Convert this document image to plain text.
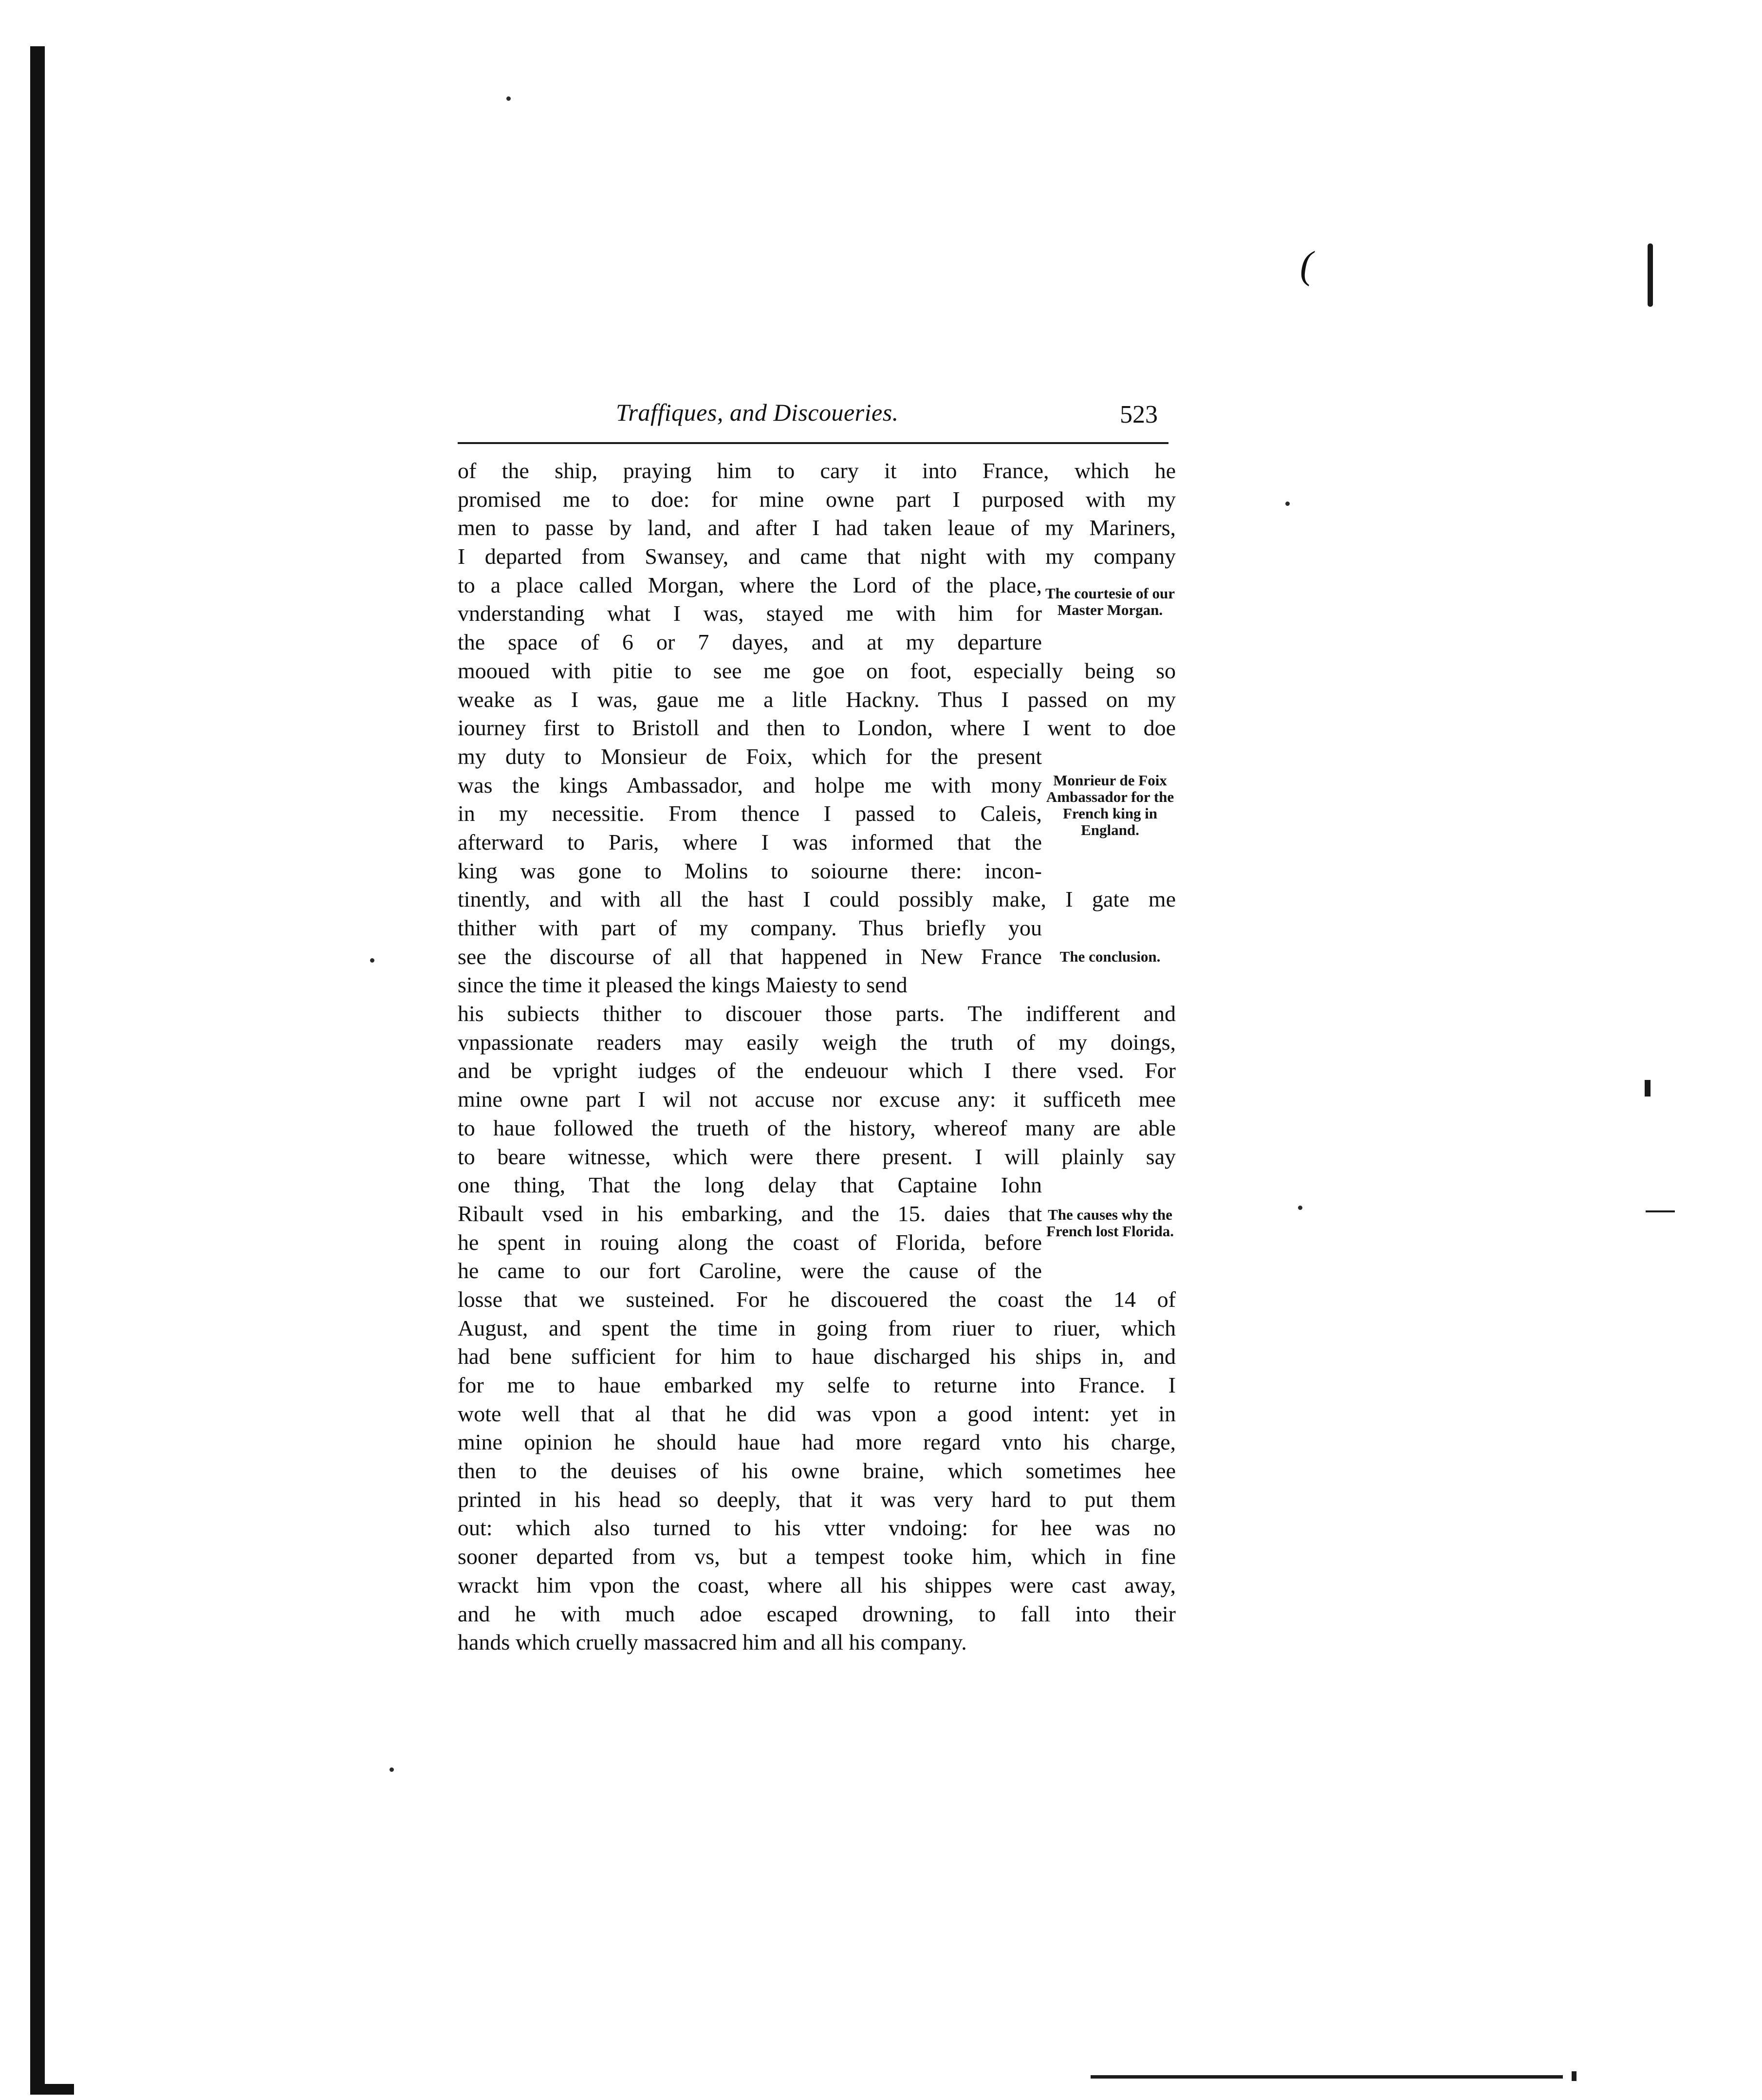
(
Traffiques, and Discoueries.	523
of the ship, praying him to cary it into France, which he
promised me to doe: for mine owne part I purposed with my
men to passe by land, and after I had taken leaue of my Mariners,
I departed from Swansey, and came that night with my company
to a place called Morgan, where the Lord of the place,
vnderstanding what I was, stayed me with him for
the space of 6 or 7 dayes, and at my departure
mooued with pitie to see me goe on foot, especially being so
weake as I was, gaue me a litle Hackny. Thus I passed on my
iourney first to Bristoll and then to London, where I went to doe
my duty to Monsieur de Foix, which for the present
was the kings Ambassador, and holpe me with mony
in my necessitie. From thence I passed to Caleis,
afterward to Paris, where I was informed that the
king was gone to Molins to soiourne there: incon-
tinently, and with all the hast I could possibly make, I gate me
thither with part of my company. Thus briefly you
see the discourse of all that happened in New France
since the time it pleased the kings Maiesty to send
his subiects thither to discouer those parts. The indifferent and
vnpassionate readers may easily weigh the truth of my doings,
and be vpright iudges of the endeuour which I there vsed. For
mine owne part I wil not accuse nor excuse any: it sufficeth mee
to haue followed the trueth of the history, whereof many are able
to beare witnesse, which were there present. I will plainly say
one thing, That the long delay that Captaine Iohn
Ribault vsed in his embarking, and the 15. daies that
he spent in rouing along the coast of Florida, before
he came to our fort Caroline, were the cause of the
losse that we susteined. For he discouered the coast the 14 of
August, and spent the time in going from riuer to riuer, which
had bene sufficient for him to haue discharged his ships in, and
for me to haue embarked my selfe to returne into France. I
wote well that al that he did was vpon a good intent: yet in
mine opinion he should haue had more regard vnto his charge,
then to the deuises of his owne braine, which sometimes hee
printed in his head so deeply, that it was very hard to put them
out: which also turned to his vtter vndoing: for hee was no
sooner departed from vs, but a tempest tooke him, which in fine
wrackt him vpon the coast, where all his shippes were cast away,
and he with much adoe escaped drowning, to fall into their
hands which cruelly massacred him and all his company.
The courtesie of our Master Morgan.
Monrieur de Foix Ambassador for the French king in England.
The conclusion.
The causes why the French lost Florida.
